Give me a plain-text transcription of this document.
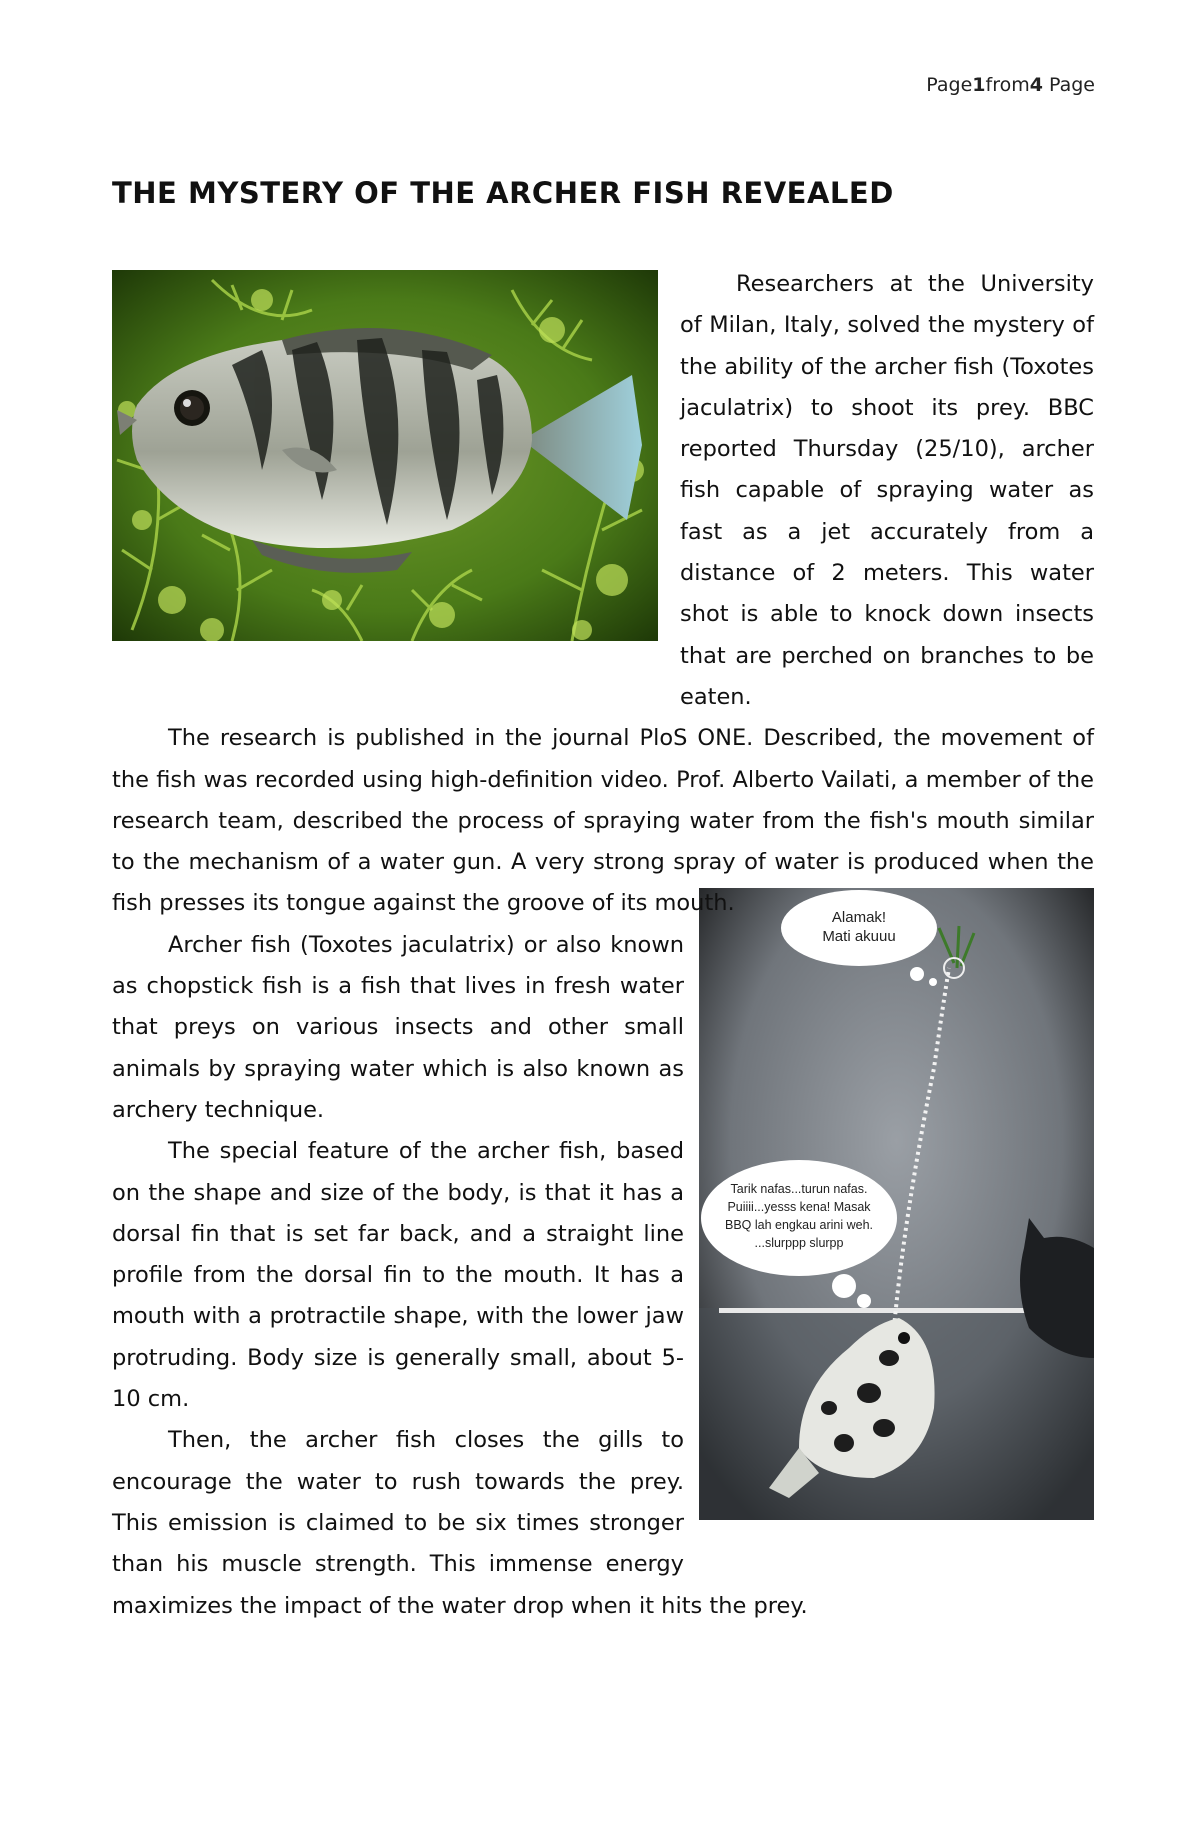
Page1from4 Page
THE MYSTERY OF THE ARCHER FISH REVEALED
Alamak!
Mati akuuu
Tarik nafas...turun nafas.
Puiiii...yesss kena! Masak
BBQ lah engkau arini weh.
...slurppp slurpp

Researchers at the University of Milan, Italy, solved the mystery of the ability of the archer fish (Toxotes jaculatrix) to shoot its prey. BBC reported Thursday (25/10), archer fish capable of spraying water as fast as a jet accurately from a distance of 2 meters. This water shot is able to knock down insects that are perched on branches to be eaten.

The research is published in the journal PloS ONE. Described, the movement of the fish was recorded using high-definition video. Prof. Alberto Vailati, a member of the research team, described the process of spraying water from the fish's mouth similar to the mechanism of a water gun. A very strong spray of water is produced when the fish presses its tongue against the groove of its mouth.

Archer fish (Toxotes jaculatrix) or also known as chopstick fish is a fish that lives in fresh water that preys on various insects and other small animals by spraying water which is also known as archery technique.

The special feature of the archer fish, based on the shape and size of the body, is that it has a dorsal fin that is set far back, and a straight line profile from the dorsal fin to the mouth. It has a mouth with a protractile shape, with the lower jaw protruding. Body size is generally small, about 5-10 cm.

Then, the archer fish closes the gills to encourage the water to rush towards the prey. This emission is claimed to be six times stronger than his muscle strength. This immense energy maximizes the impact of the water drop when it hits the prey.
